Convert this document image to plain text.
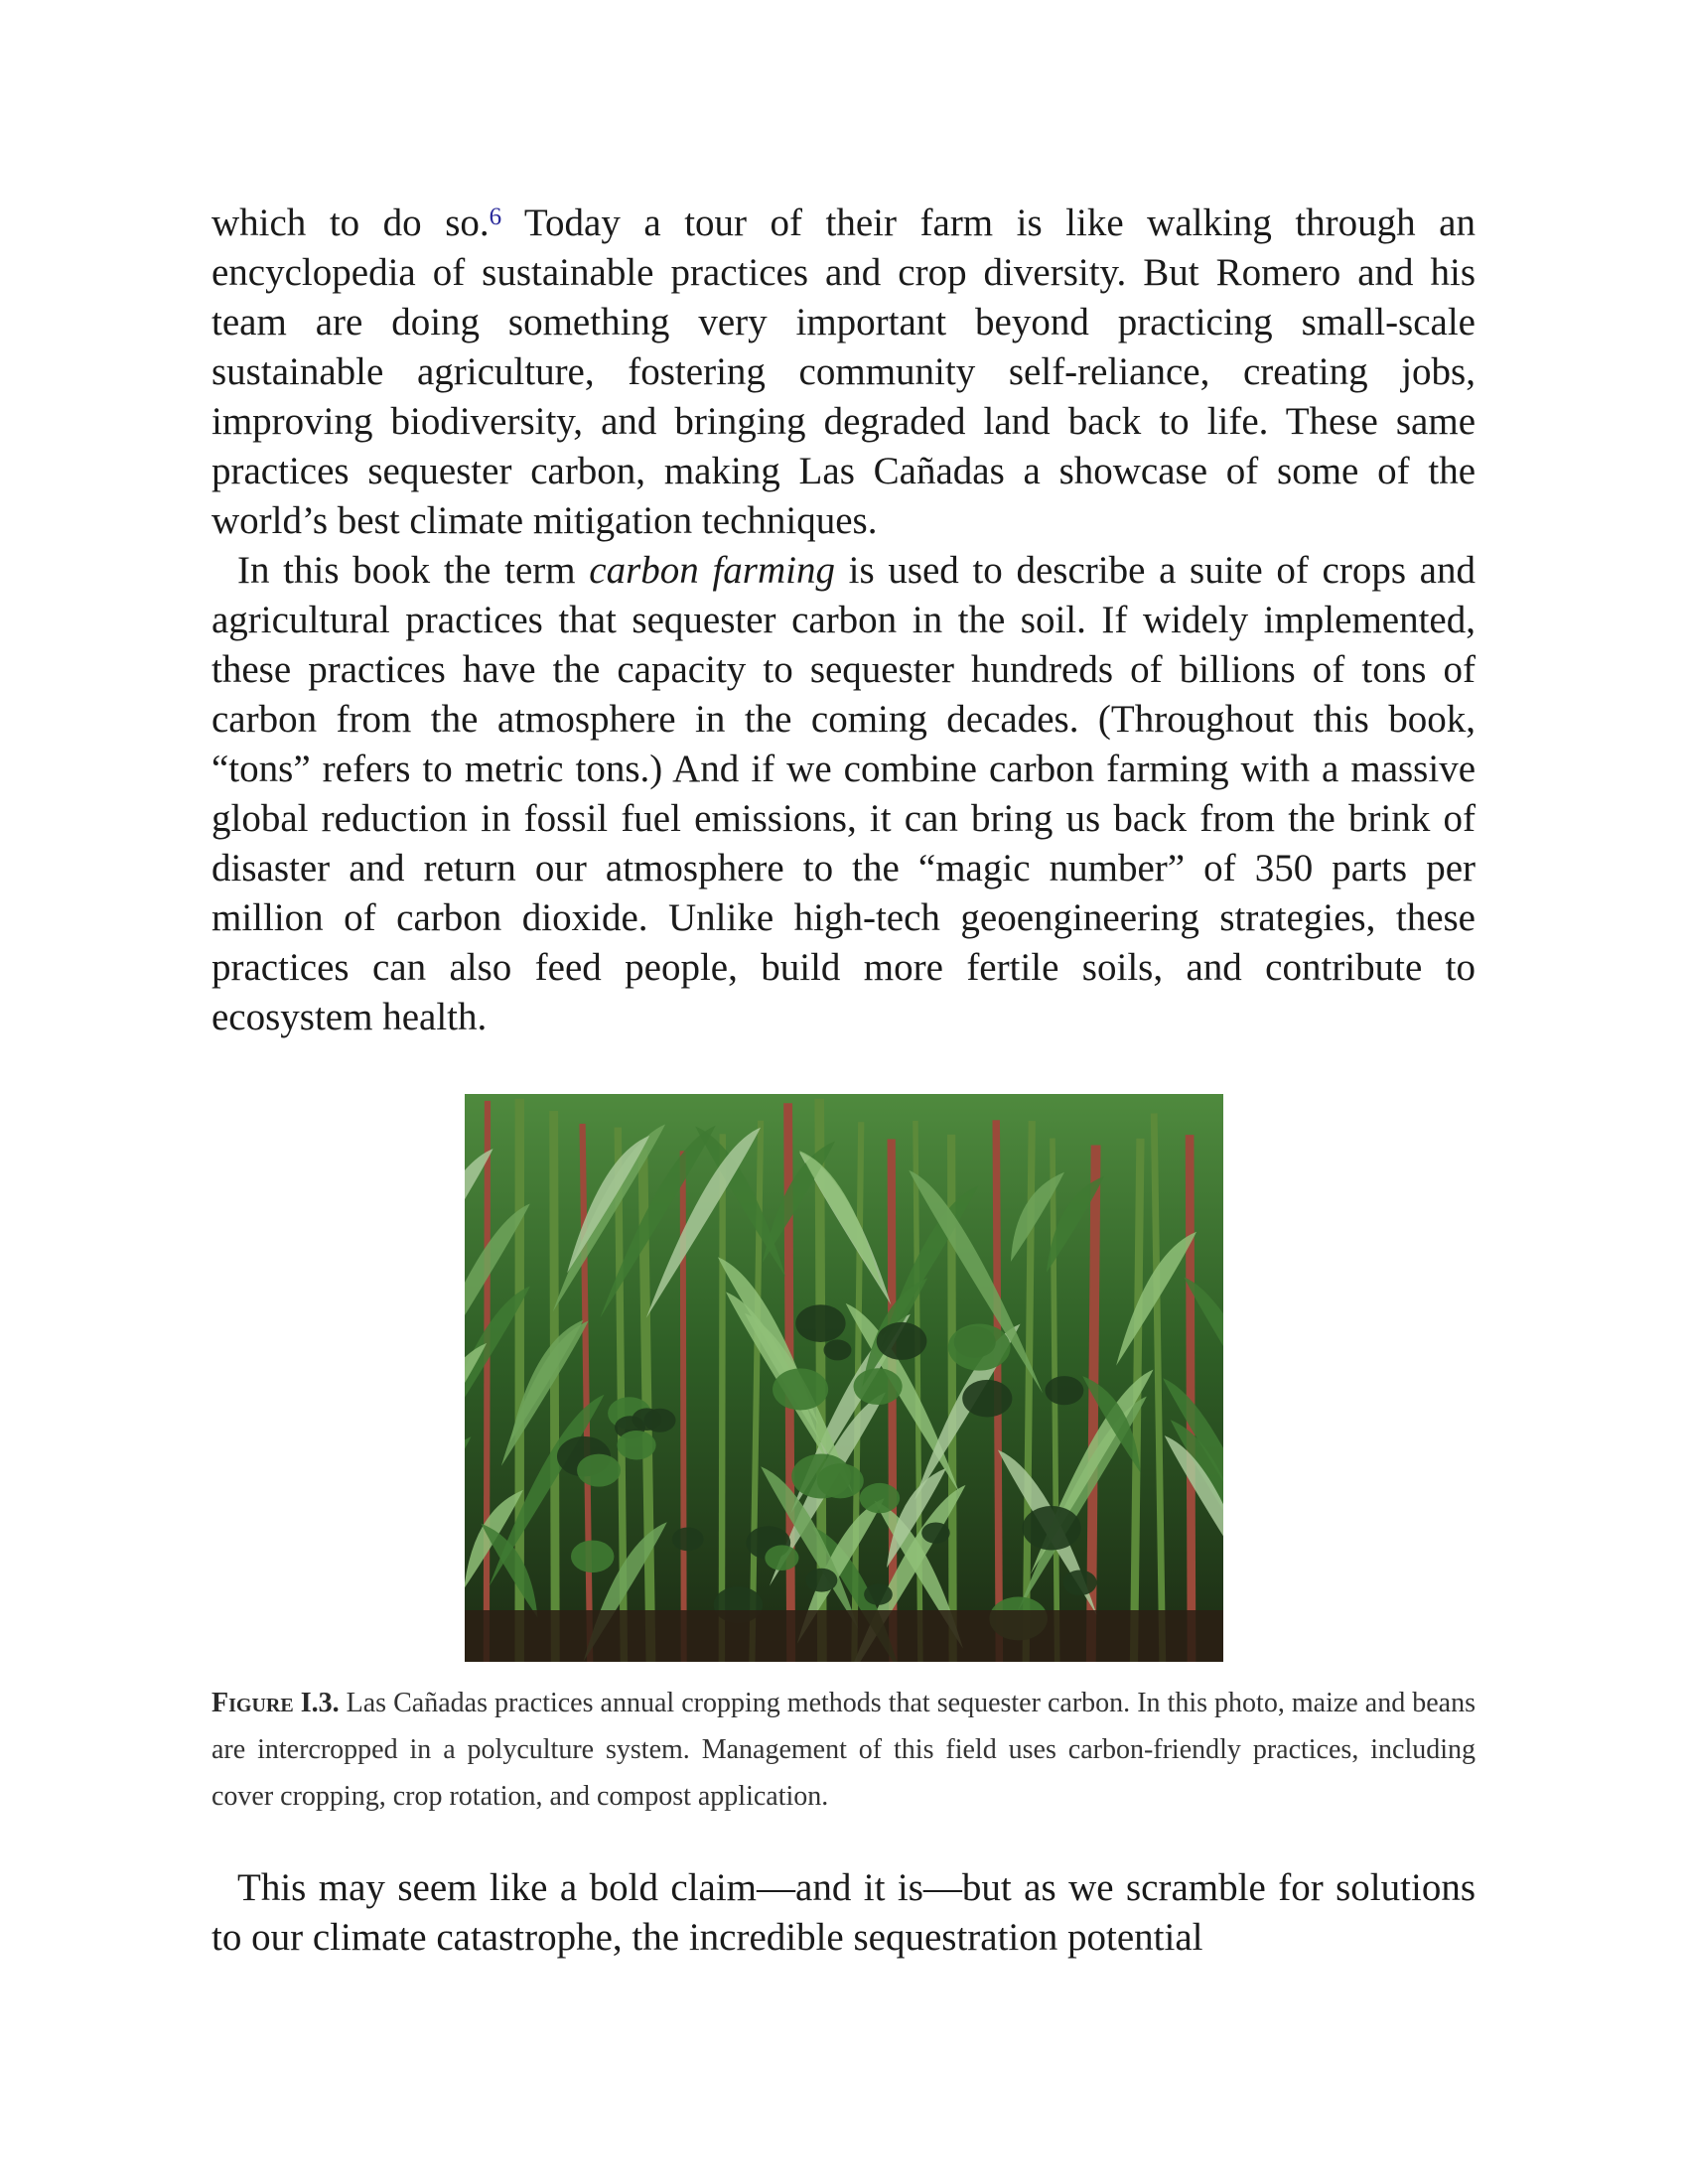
which to do so.$^6$ Today a tour of their farm is like walking through an encyclopedia of sustainable practices and crop diversity. But Romero and his team are doing something very important beyond practicing small-scale sustainable agriculture, fostering community self-reliance, creating jobs, improving biodiversity, and bringing degraded land back to life. These same practices sequester carbon, making Las Cañadas a showcase of some of the world’s best climate mitigation techniques.

In this book the term carbon farming is used to describe a suite of crops and agricultural practices that sequester carbon in the soil. If widely implemented, these practices have the capacity to sequester hundreds of billions of tons of carbon from the atmosphere in the coming decades. (Throughout this book, “tons” refers to metric tons.) And if we combine carbon farming with a massive global reduction in fossil fuel emissions, it can bring us back from the brink of disaster and return our atmosphere to the “magic number” of 350 parts per million of carbon dioxide. Unlike high-tech geoengineering strategies, these practices can also feed people, build more fertile soils, and contribute to ecosystem health.

Figure I.3. Las Cañadas practices annual cropping methods that sequester carbon. In this photo, maize and beans are intercropped in a polyculture system. Management of this field uses carbon-friendly practices, including cover cropping, crop rotation, and compost application.

This may seem like a bold claim—and it is—but as we scramble for solutions to our climate catastrophe, the incredible sequestration potential
